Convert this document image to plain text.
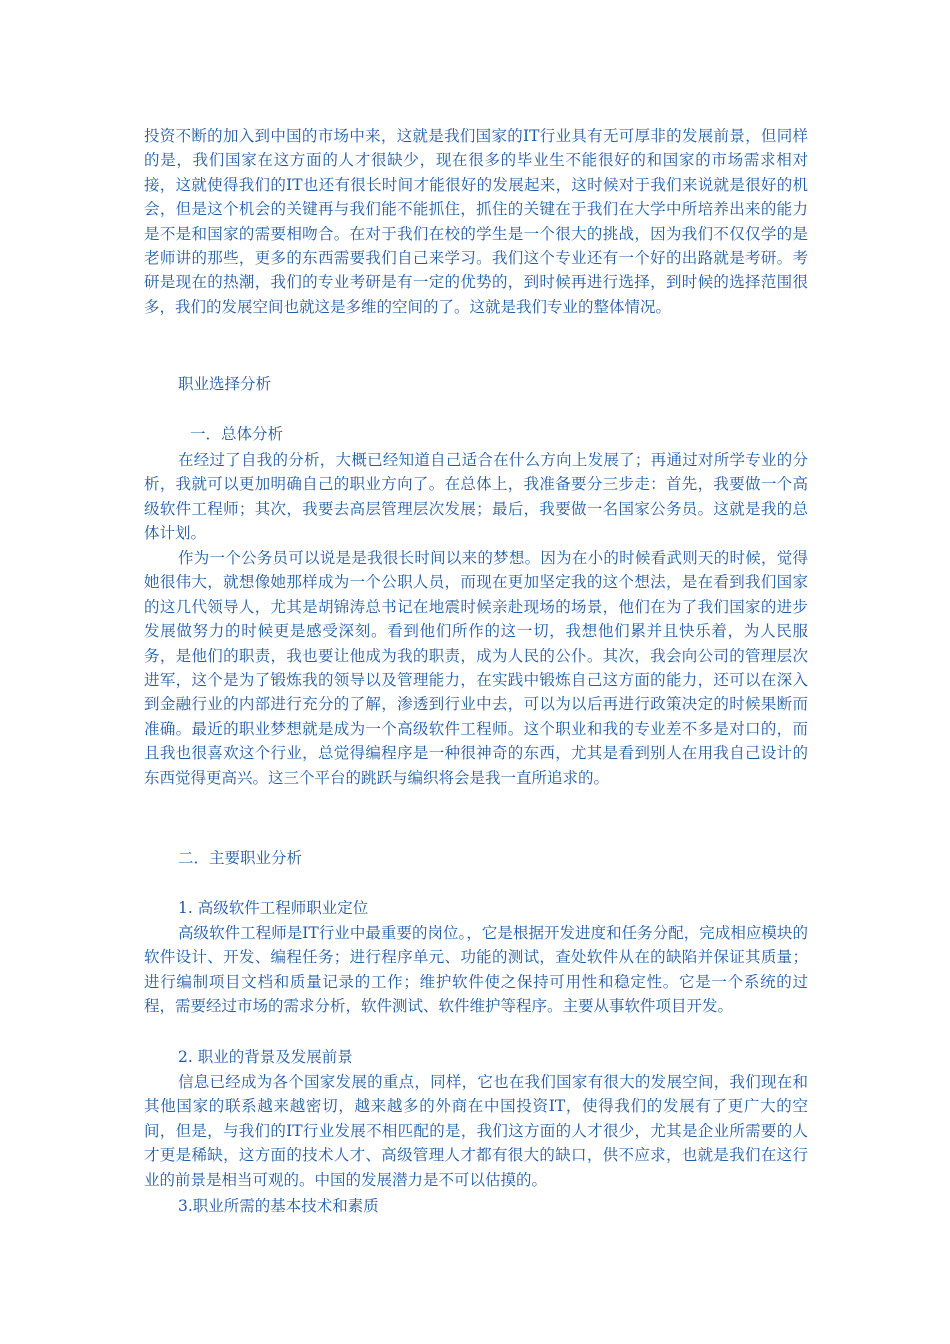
投资不断的加入到中国的市场中来，这就是我们国家的IT行业具有无可厚非的发展前景，但同样的是，我们国家在这方面的人才很缺少，现在很多的毕业生不能很好的和国家的市场需求相对接，这就使得我们的IT也还有很长时间才能很好的发展起来，这时候对于我们来说就是很好的机会，但是这个机会的关键再与我们能不能抓住，抓住的关键在于我们在大学中所培养出来的能力是不是和国家的需要相吻合。在对于我们在校的学生是一个很大的挑战，因为我们不仅仅学的是老师讲的那些，更多的东西需要我们自己来学习。我们这个专业还有一个好的出路就是考研。考研是现在的热潮，我们的专业考研是有一定的优势的，到时候再进行选择，到时候的选择范围很多，我们的发展空间也就这是多维的空间的了。这就是我们专业的整体情况。

职业选择分析
一．总体分析

在经过了自我的分析，大概已经知道自己适合在什么方向上发展了；再通过对所学专业的分析，我就可以更加明确自己的职业方向了。在总体上，我准备要分三步走：首先，我要做一个高级软件工程师；其次，我要去高层管理层次发展；最后，我要做一名国家公务员。这就是我的总体计划。

作为一个公务员可以说是是我很长时间以来的梦想。因为在小的时候看武则天的时候，觉得她很伟大，就想像她那样成为一个公职人员，而现在更加坚定我的这个想法，是在看到我们国家的这几代领导人，尤其是胡锦涛总书记在地震时候亲赴现场的场景，他们在为了我们国家的进步发展做努力的时候更是感受深刻。看到他们所作的这一切，我想他们累并且快乐着，为人民服务，是他们的职责，我也要让他成为我的职责，成为人民的公仆。其次，我会向公司的管理层次进军，这个是为了锻炼我的领导以及管理能力，在实践中锻炼自己这方面的能力，还可以在深入到金融行业的内部进行充分的了解，渗透到行业中去，可以为以后再进行政策决定的时候果断而准确。最近的职业梦想就是成为一个高级软件工程师。这个职业和我的专业差不多是对口的，而且我也很喜欢这个行业，总觉得编程序是一种很神奇的东西，尤其是看到别人在用我自己设计的东西觉得更高兴。这三个平台的跳跃与编织将会是我一直所追求的。

二．主要职业分析
1. 高级软件工程师职业定位

高级软件工程师是IT行业中最重要的岗位。，它是根据开发进度和任务分配，完成相应模块的软件设计、开发、编程任务；进行程序单元、功能的测试，查处软件从在的缺陷并保证其质量；进行编制项目文档和质量记录的工作；维护软件使之保持可用性和稳定性。它是一个系统的过程，需要经过市场的需求分析，软件测试、软件维护等程序。主要从事软件项目开发。

2. 职业的背景及发展前景

信息已经成为各个国家发展的重点，同样，它也在我们国家有很大的发展空间，我们现在和其他国家的联系越来越密切，越来越多的外商在中国投资IT，使得我们的发展有了更广大的空间，但是，与我们的IT行业发展不相匹配的是，我们这方面的人才很少，尤其是企业所需要的人才更是稀缺，这方面的技术人才、高级管理人才都有很大的缺口，供不应求，也就是我们在这行业的前景是相当可观的。中国的发展潜力是不可以估摸的。

3.职业所需的基本技术和素质
